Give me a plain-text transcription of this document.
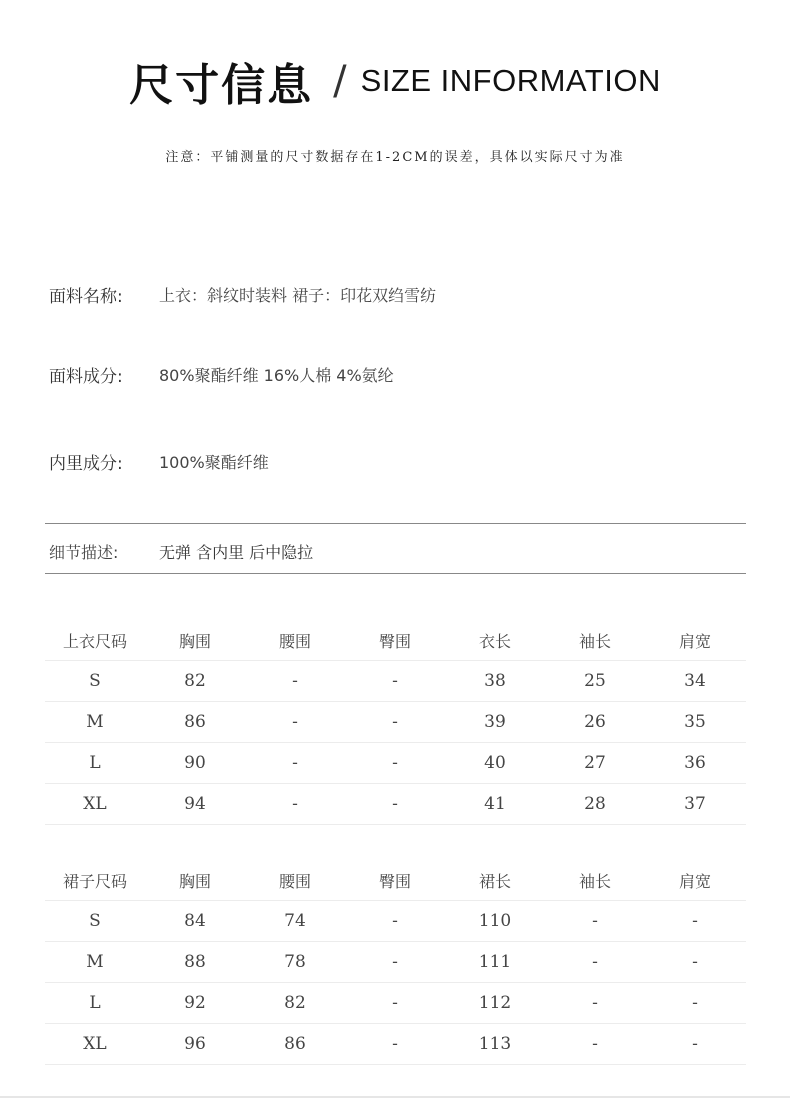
尺寸信息 / SIZE INFORMATION
注意：平铺测量的尺寸数据存在1-2CM的误差，具体以实际尺寸为准
面料名称:	上衣：斜纹时装料 裙子：印花双绉雪纺
面料成分:	80%聚酯纤维 16%人棉 4%氨纶
内里成分:	100%聚酯纤维
细节描述:	无弹 含内里 后中隐拉
上衣尺码	胸围	腰围	臀围	衣长	袖长	肩宽
S	82	-	-	38	25	34
M	86	-	-	39	26	35
L	90	-	-	40	27	36
XL	94	-	-	41	28	37
裙子尺码	胸围	腰围	臀围	裙长	袖长	肩宽
S	84	74	-	110	-	-
M	88	78	-	111	-	-
L	92	82	-	112	-	-
XL	96	86	-	113	-	-
